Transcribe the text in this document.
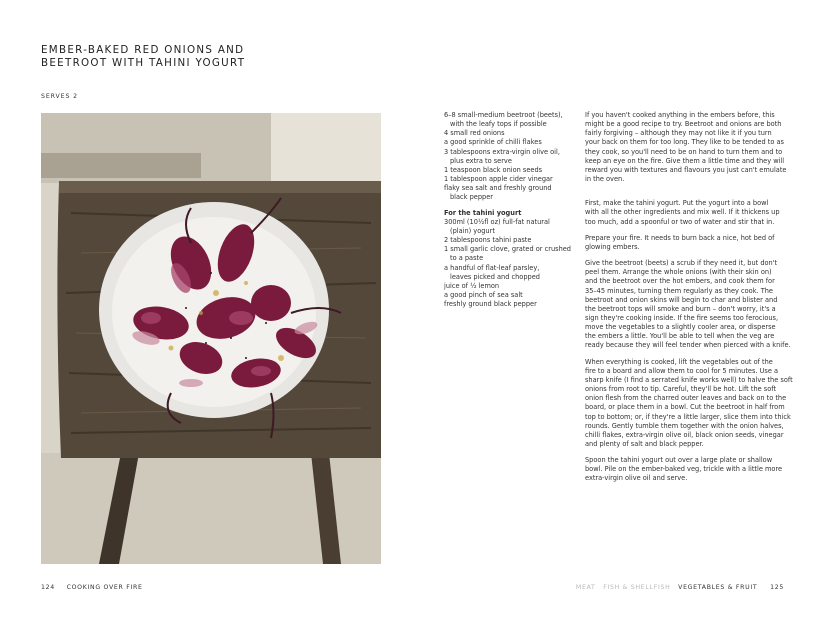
EMBER-BAKED RED ONIONS AND
BEETROOT WITH TAHINI YOGURT
SERVES 2
6–8 small-medium beetroot (beets),
with the leafy tops if possible
4 small red onions
a good sprinkle of chilli flakes
3 tablespoons extra-virgin olive oil,
plus extra to serve
1 teaspoon black onion seeds
1 tablespoon apple cider vinegar
flaky sea salt and freshly ground
black pepper
For the tahini yogurt
300ml (10½fl oz) full-fat natural
(plain) yogurt
2 tablespoons tahini paste
1 small garlic clove, grated or crushed
to a paste
a handful of flat-leaf parsley,
leaves picked and chopped
juice of ½ lemon
a good pinch of sea salt
freshly ground black pepper
If you haven't cooked anything in the embers before, this
might be a good recipe to try. Beetroot and onions are both
fairly forgiving – although they may not like it if you turn
your back on them for too long. They like to be tended to as
they cook, so you'll need to be on hand to turn them and to
keep an eye on the fire. Give them a little time and they will
reward you with textures and flavours you just can't emulate
in the oven.
First, make the tahini yogurt. Put the yogurt into a bowl
with all the other ingredients and mix well. If it thickens up
too much, add a spoonful or two of water and stir that in.
Prepare your fire. It needs to burn back a nice, hot bed of
glowing embers.
Give the beetroot (beets) a scrub if they need it, but don't
peel them. Arrange the whole onions (with their skin on)
and the beetroot over the hot embers, and cook them for
35–45 minutes, turning them regularly as they cook. The
beetroot and onion skins will begin to char and blister and
the beetroot tops will smoke and burn – don't worry, it's a
sign they're cooking inside. If the fire seems too ferocious,
move the vegetables to a slightly cooler area, or disperse
the embers a little. You'll be able to tell when the veg are
ready because they will feel tender when pierced with a knife.
When everything is cooked, lift the vegetables out of the
fire to a board and allow them to cool for 5 minutes. Use a
sharp knife (I find a serrated knife works well) to halve the soft
onions from root to tip. Careful, they'll be hot. Lift the soft
onion flesh from the charred outer leaves and back on to the
board, or place them in a bowl. Cut the beetroot in half from
top to bottom; or, if they're a little larger, slice them into thick
rounds. Gently tumble them together with the onion halves,
chilli flakes, extra-virgin olive oil, black onion seeds, vinegar
and plenty of salt and black pepper.
Spoon the tahini yogurt out over a large plate or shallow
bowl. Pile on the ember-baked veg, trickle with a little more
extra-virgin olive oil and serve.
124 COOKING OVER FIRE	MEAT FISH & SHELLFISH VEGETABLES & FRUIT 125
